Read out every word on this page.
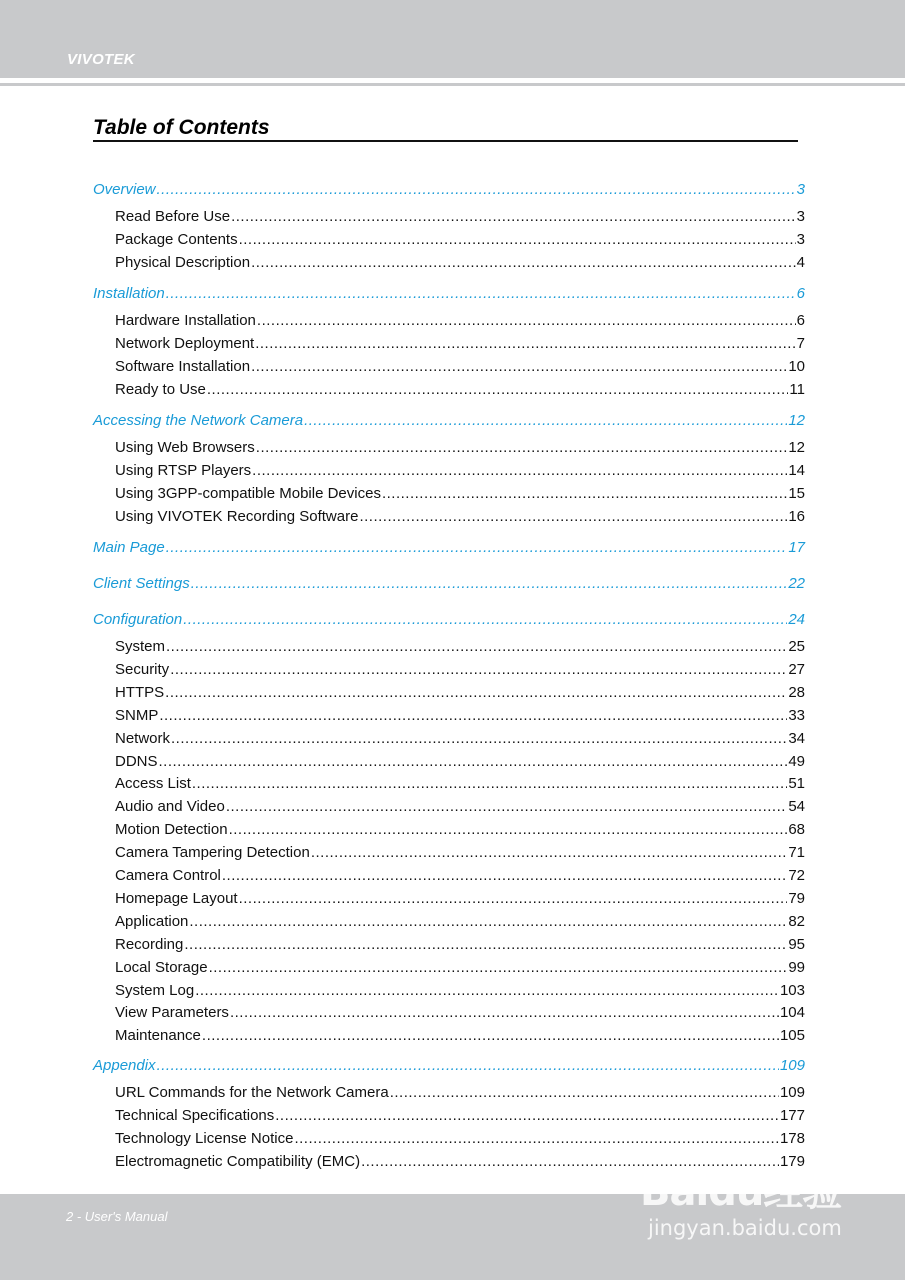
VIVOTEK
Table of Contents
Overview .....	3
Read Before Use .....	3
Package Contents .....	3
Physical Description .....	4
Installation .....	6
Hardware Installation .....	6
Network Deployment .....	7
Software Installation .....	10
Ready to Use .....	11
Accessing the Network Camera .....	12
Using Web Browsers .....	12
Using RTSP Players .....	14
Using 3GPP-compatible Mobile Devices .....	15
Using VIVOTEK Recording Software .....	16
Main Page .....	17
Client Settings .....	22
Configuration .....	24
System .....	25
Security .....	27
HTTPS .....	28
SNMP .....	33
Network .....	34
DDNS .....	49
Access List .....	51
Audio and Video .....	54
Motion Detection .....	68
Camera Tampering Detection .....	71
Camera Control .....	72
Homepage Layout .....	79
Application .....	82
Recording .....	95
Local Storage .....	99
System Log .....	103
View Parameters .....	104
Maintenance .....	105
Appendix .....	109
URL Commands for the Network Camera .....	109
Technical Specifications .....	177
Technology License Notice .....	178
Electromagnetic Compatibility (EMC) .....	179
2 - User's Manual
Baidu经验
jingyan.baidu.com
